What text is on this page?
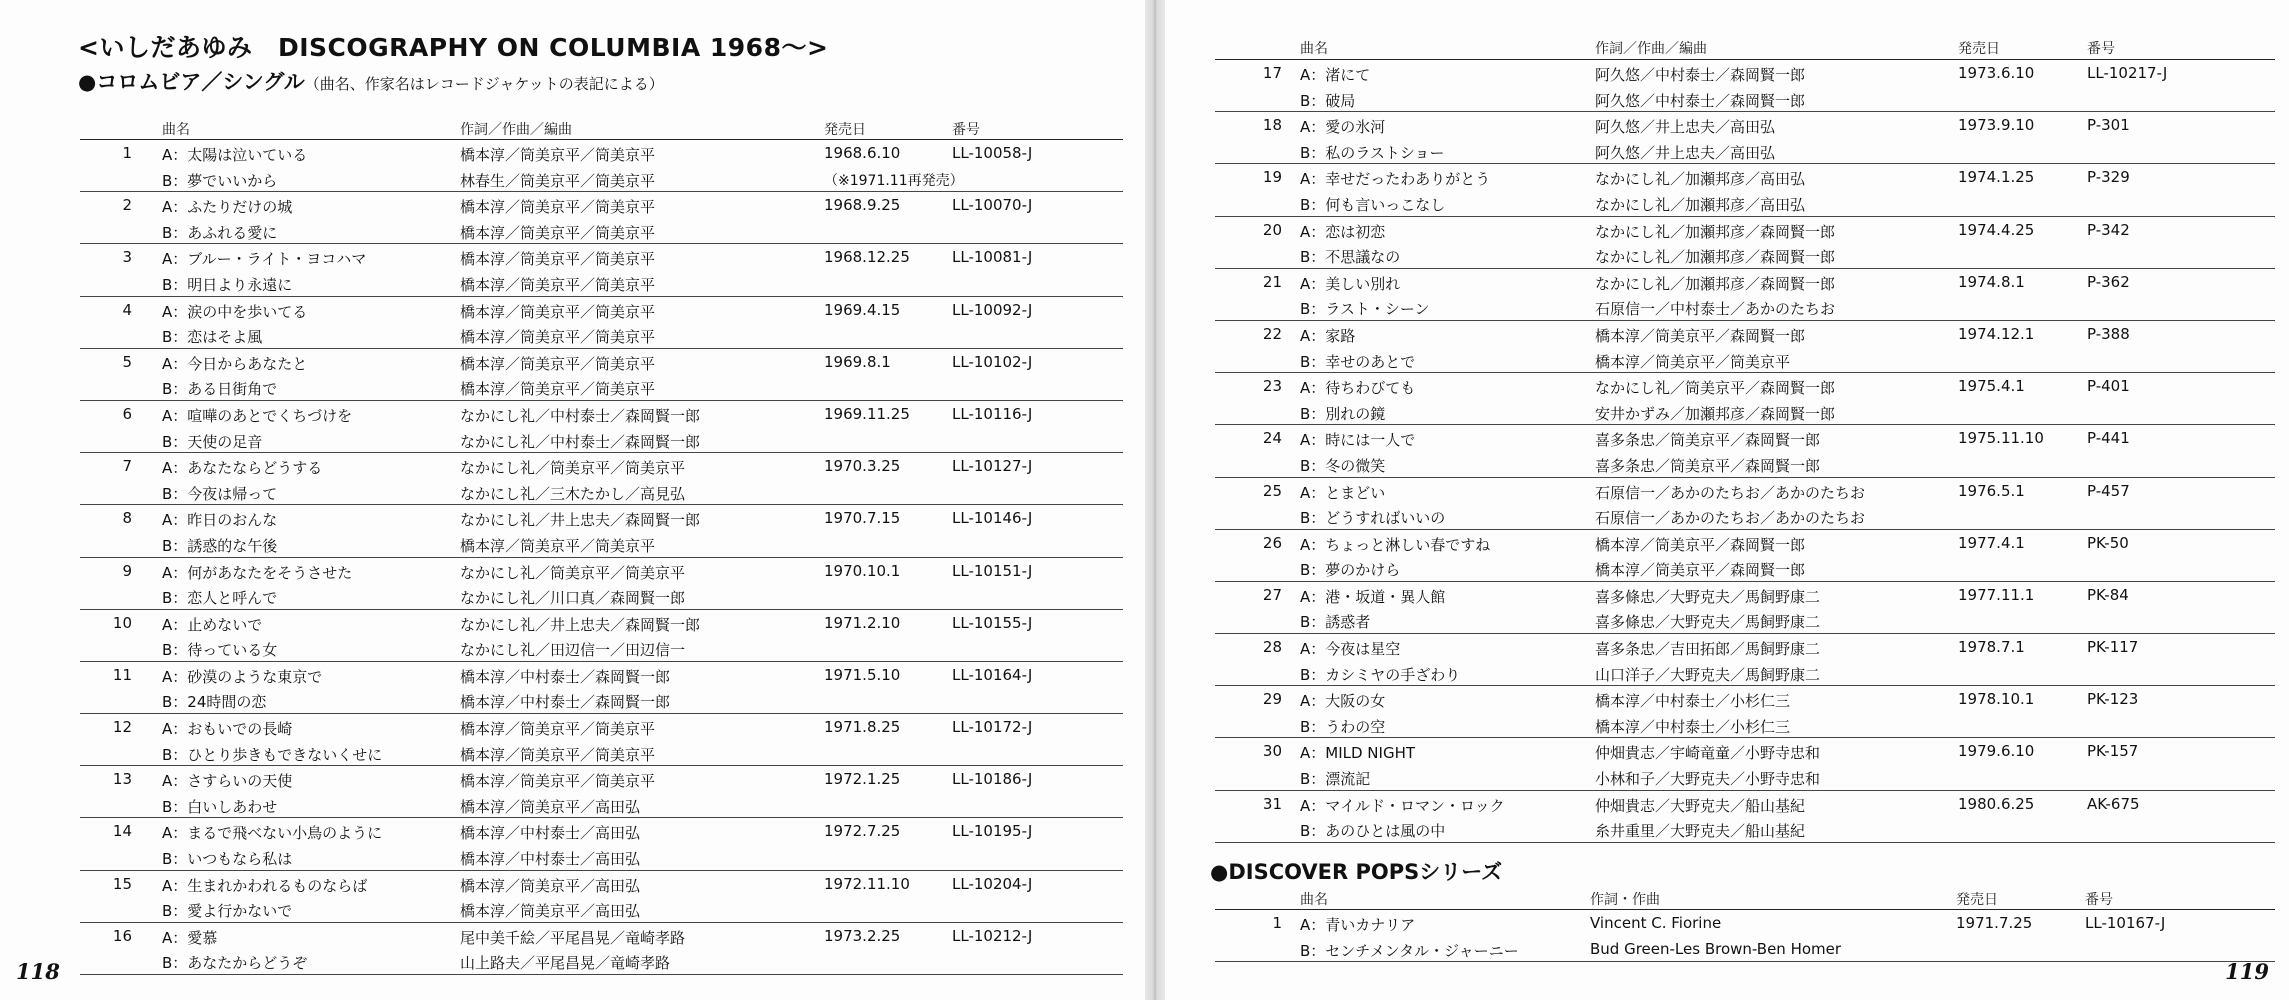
<いしだあゆみ　DISCOGRAPHY ON COLUMBIA 1968～>
●コロムビア／シングル（曲名、作家名はレコードジャケットの表記による）
曲名	作詞／作曲／編曲	発売日	番号
1 A：太陽は泣いている	橋本淳／筒美京平／筒美京平	1968.6.10	LL-10058-J
B：夢でいいから	林春生／筒美京平／筒美京平	（※1971.11再発売）
2 A：ふたりだけの城	橋本淳／筒美京平／筒美京平	1968.9.25	LL-10070-J
B：あふれる愛に	橋本淳／筒美京平／筒美京平
3 A：ブルー・ライト・ヨコハマ	橋本淳／筒美京平／筒美京平	1968.12.25	LL-10081-J
B：明日より永遠に	橋本淳／筒美京平／筒美京平
4 A：涙の中を歩いてる	橋本淳／筒美京平／筒美京平	1969.4.15	LL-10092-J
B：恋はそよ風	橋本淳／筒美京平／筒美京平
5 A：今日からあなたと	橋本淳／筒美京平／筒美京平	1969.8.1	LL-10102-J
B：ある日街角で	橋本淳／筒美京平／筒美京平
6 A：喧嘩のあとでくちづけを	なかにし礼／中村泰士／森岡賢一郎	1969.11.25	LL-10116-J
B：天使の足音	なかにし礼／中村泰士／森岡賢一郎
7 A：あなたならどうする	なかにし礼／筒美京平／筒美京平	1970.3.25	LL-10127-J
B：今夜は帰って	なかにし礼／三木たかし／高見弘
8 A：昨日のおんな	なかにし礼／井上忠夫／森岡賢一郎	1970.7.15	LL-10146-J
B：誘惑的な午後	橋本淳／筒美京平／筒美京平
9 A：何があなたをそうさせた	なかにし礼／筒美京平／筒美京平	1970.10.1	LL-10151-J
B：恋人と呼んで	なかにし礼／川口真／森岡賢一郎
10 A：止めないで	なかにし礼／井上忠夫／森岡賢一郎	1971.2.10	LL-10155-J
B：待っている女	なかにし礼／田辺信一／田辺信一
11 A：砂漠のような東京で	橋本淳／中村泰士／森岡賢一郎	1971.5.10	LL-10164-J
B：24時間の恋	橋本淳／中村泰士／森岡賢一郎
12 A：おもいでの長崎	橋本淳／筒美京平／筒美京平	1971.8.25	LL-10172-J
B：ひとり歩きもできないくせに	橋本淳／筒美京平／筒美京平
13 A：さすらいの天使	橋本淳／筒美京平／筒美京平	1972.1.25	LL-10186-J
B：白いしあわせ	橋本淳／筒美京平／高田弘
14 A：まるで飛べない小鳥のように	橋本淳／中村泰士／高田弘	1972.7.25	LL-10195-J
B：いつもなら私は	橋本淳／中村泰士／高田弘
15 A：生まれかわれるものならば	橋本淳／筒美京平／高田弘	1972.11.10	LL-10204-J
B：愛よ行かないで	橋本淳／筒美京平／高田弘
16 A：愛慕	尾中美千絵／平尾昌晃／竜崎孝路	1973.2.25	LL-10212-J
B：あなたからどうぞ	山上路夫／平尾昌晃／竜崎孝路

118

曲名	作詞／作曲／編曲	発売日	番号
17 A：渚にて	阿久悠／中村泰士／森岡賢一郎	1973.6.10	LL-10217-J
B：破局	阿久悠／中村泰士／森岡賢一郎
18 A：愛の氷河	阿久悠／井上忠夫／高田弘	1973.9.10	P-301
B：私のラストショー	阿久悠／井上忠夫／高田弘
19 A：幸せだったわありがとう	なかにし礼／加瀬邦彦／高田弘	1974.1.25	P-329
B：何も言いっこなし	なかにし礼／加瀬邦彦／高田弘
20 A：恋は初恋	なかにし礼／加瀬邦彦／森岡賢一郎	1974.4.25	P-342
B：不思議なの	なかにし礼／加瀬邦彦／森岡賢一郎
21 A：美しい別れ	なかにし礼／加瀬邦彦／森岡賢一郎	1974.8.1	P-362
B：ラスト・シーン	石原信一／中村泰士／あかのたちお
22 A：家路	橋本淳／筒美京平／森岡賢一郎	1974.12.1	P-388
B：幸せのあとで	橋本淳／筒美京平／筒美京平
23 A：待ちわびても	なかにし礼／筒美京平／森岡賢一郎	1975.4.1	P-401
B：別れの鏡	安井かずみ／加瀬邦彦／森岡賢一郎
24 A：時には一人で	喜多条忠／筒美京平／森岡賢一郎	1975.11.10	P-441
B：冬の微笑	喜多条忠／筒美京平／森岡賢一郎
25 A：とまどい	石原信一／あかのたちお／あかのたちお	1976.5.1	P-457
B：どうすればいいの	石原信一／あかのたちお／あかのたちお
26 A：ちょっと淋しい春ですね	橋本淳／筒美京平／森岡賢一郎	1977.4.1	PK-50
B：夢のかけら	橋本淳／筒美京平／森岡賢一郎
27 A：港・坂道・異人館	喜多條忠／大野克夫／馬飼野康二	1977.11.1	PK-84
B：誘惑者	喜多條忠／大野克夫／馬飼野康二
28 A：今夜は星空	喜多条忠／吉田拓郎／馬飼野康二	1978.7.1	PK-117
B：カシミヤの手ざわり	山口洋子／大野克夫／馬飼野康二
29 A：大阪の女	橋本淳／中村泰士／小杉仁三	1978.10.1	PK-123
B：うわの空	橋本淳／中村泰士／小杉仁三
30 A：MILD NIGHT	仲畑貴志／宇崎竜童／小野寺忠和	1979.6.10	PK-157
B：漂流記	小林和子／大野克夫／小野寺忠和
31 A：マイルド・ロマン・ロック	仲畑貴志／大野克夫／船山基紀	1980.6.25	AK-675
B：あのひとは風の中	糸井重里／大野克夫／船山基紀
●DISCOVER POPSシリーズ
曲名	作詞・作曲	発売日	番号
1 A：青いカナリア	Vincent C. Fiorine	1971.7.25	LL-10167-J
B：センチメンタル・ジャーニー	Bud Green-Les Brown-Ben Homer

119
